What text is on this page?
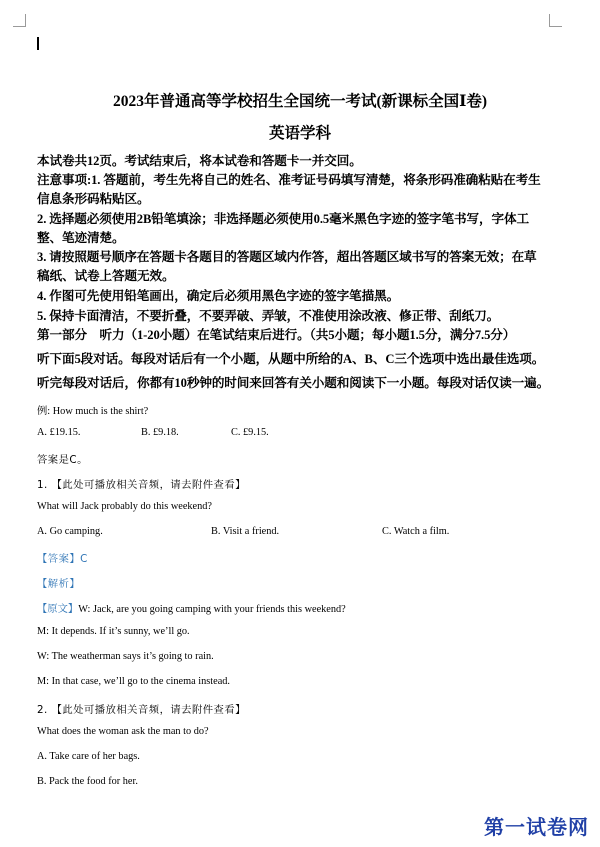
2023年普通高等学校招生全国统一考试(新课标全国Ⅰ卷)
英语学科
本试卷共12页。考试结束后，将本试卷和答题卡一并交回。
注意事项:1. 答题前，考生先将自己的姓名、准考证号码填写清楚，将条形码准确粘贴在考生
信息条形码粘贴区。
2. 选择题必须使用2B铅笔填涂；非选择题必须使用0.5毫米黑色字迹的签字笔书写，字体工
整、笔迹清楚。
3. 请按照题号顺序在答题卡各题目的答题区域内作答，超出答题区域书写的答案无效；在草
稿纸、试卷上答题无效。
4. 作图可先使用铅笔画出，确定后必须用黑色字迹的签字笔描黑。
5. 保持卡面清洁，不要折叠，不要弄破、弄皱，不准使用涂改液、修正带、刮纸刀。
第一部分　听力（1-20小题）在笔试结束后进行。（共5小题；每小题1.5分，满分7.5分）
听下面5段对话。每段对话后有一个小题，从题中所给的A、B、C三个选项中选出最佳选项。
听完每段对话后，你都有10秒钟的时间来回答有关小题和阅读下一小题。每段对话仅读一遍。
例: How much is the shirt?
A. £19.15.	B. £9.18.	C. £9.15.
答案是C。
1. 【此处可播放相关音频，请去附件查看】
What will Jack probably do this weekend?
A. Go camping.	B. Visit a friend.	C. Watch a film.
【答案】C
【解析】
【原文】W: Jack, are you going camping with your friends this weekend?
M: It depends. If it’s sunny, we’ll go.
W: The weatherman says it’s going to rain.
M: In that case, we’ll go to the cinema instead.
2. 【此处可播放相关音频，请去附件查看】
What does the woman ask the man to do?
A. Take care of her bags.
B. Pack the food for her.
第一试卷网
